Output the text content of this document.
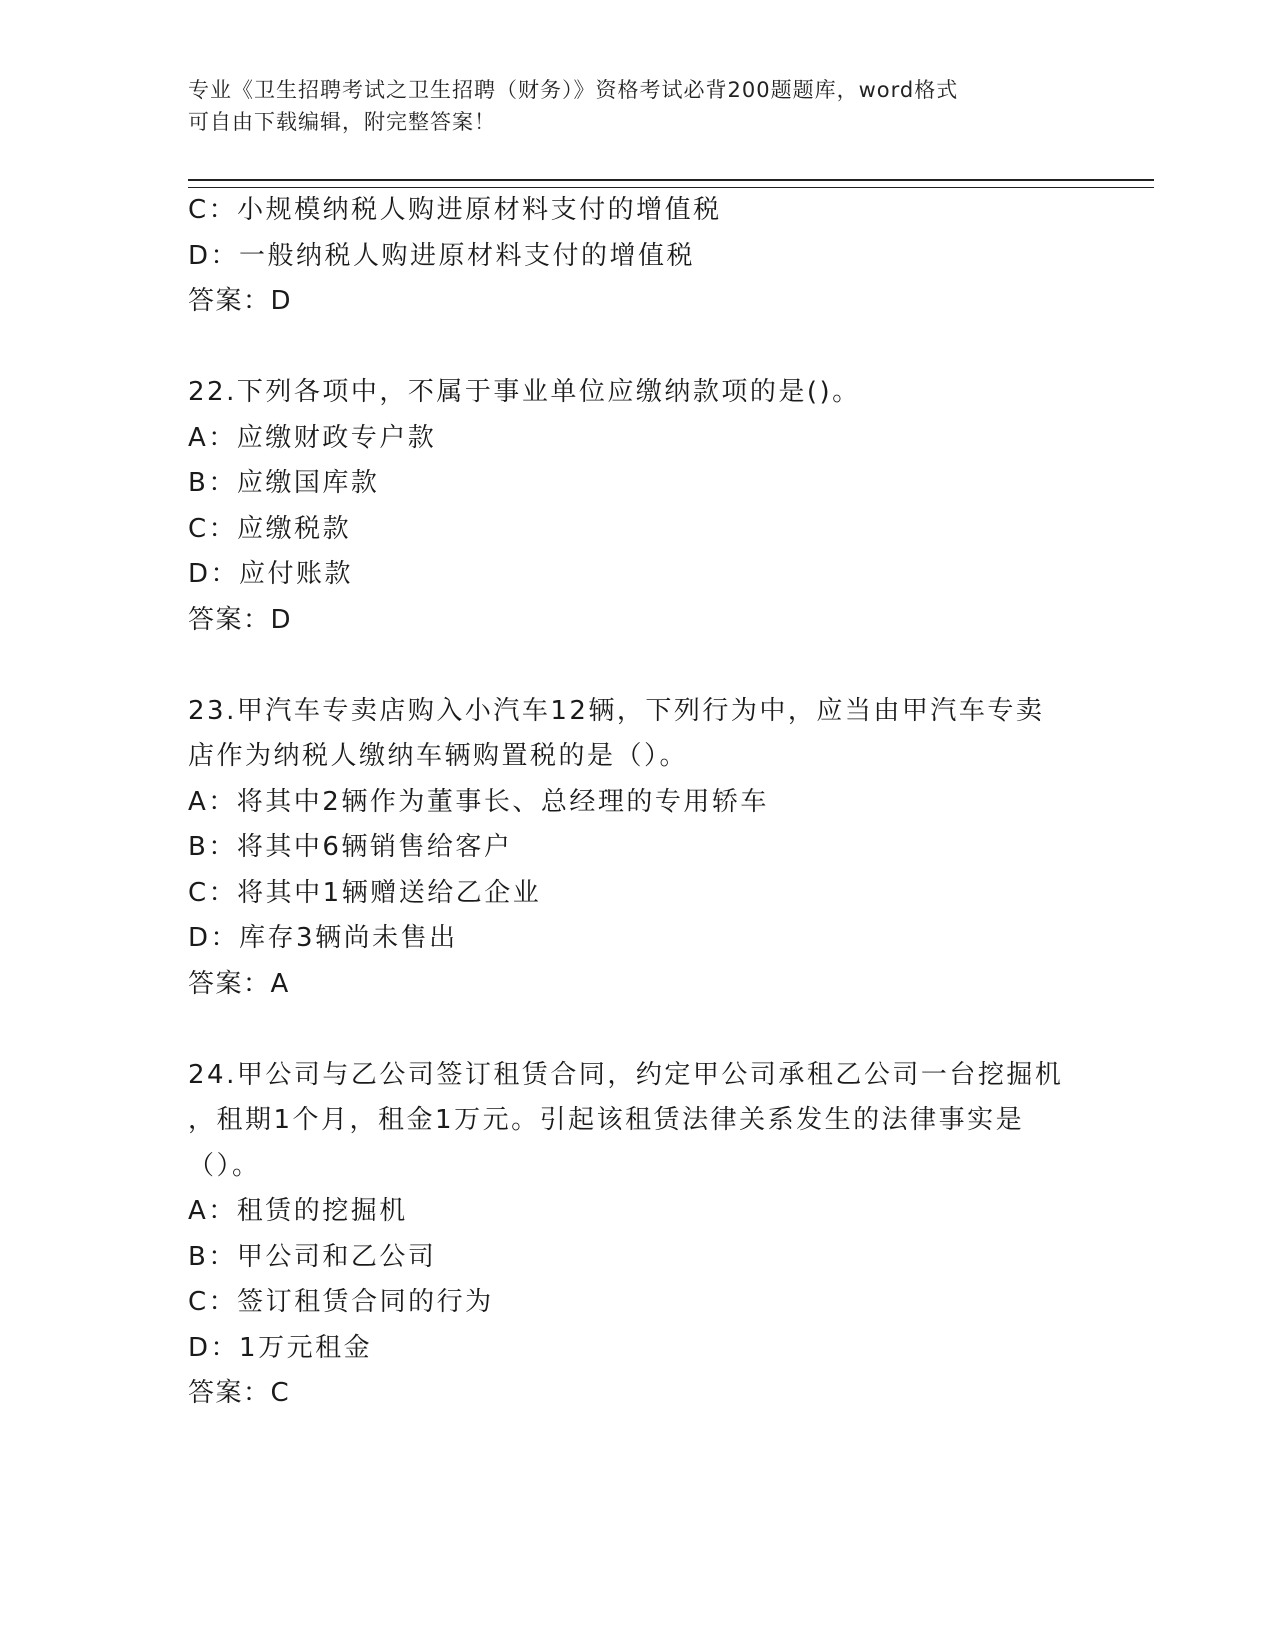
专业《卫生招聘考试之卫生招聘（财务）》资格考试必背200题题库，word格式
可自由下载编辑，附完整答案！
C：小规模纳税人购进原材料支付的增值税
D：一般纳税人购进原材料支付的增值税
答案：D
22.下列各项中，不属于事业单位应缴纳款项的是()。
A：应缴财政专户款
B：应缴国库款
C：应缴税款
D：应付账款
答案：D
23.甲汽车专卖店购入小汽车12辆，下列行为中，应当由甲汽车专卖
店作为纳税人缴纳车辆购置税的是（）。
A：将其中2辆作为董事长、总经理的专用轿车
B：将其中6辆销售给客户
C：将其中1辆赠送给乙企业
D：库存3辆尚未售出
答案：A
24.甲公司与乙公司签订租赁合同，约定甲公司承租乙公司一台挖掘机
，租期1个月，租金1万元。引起该租赁法律关系发生的法律事实是
（）。
A：租赁的挖掘机
B：甲公司和乙公司
C：签订租赁合同的行为
D：1万元租金
答案：C
